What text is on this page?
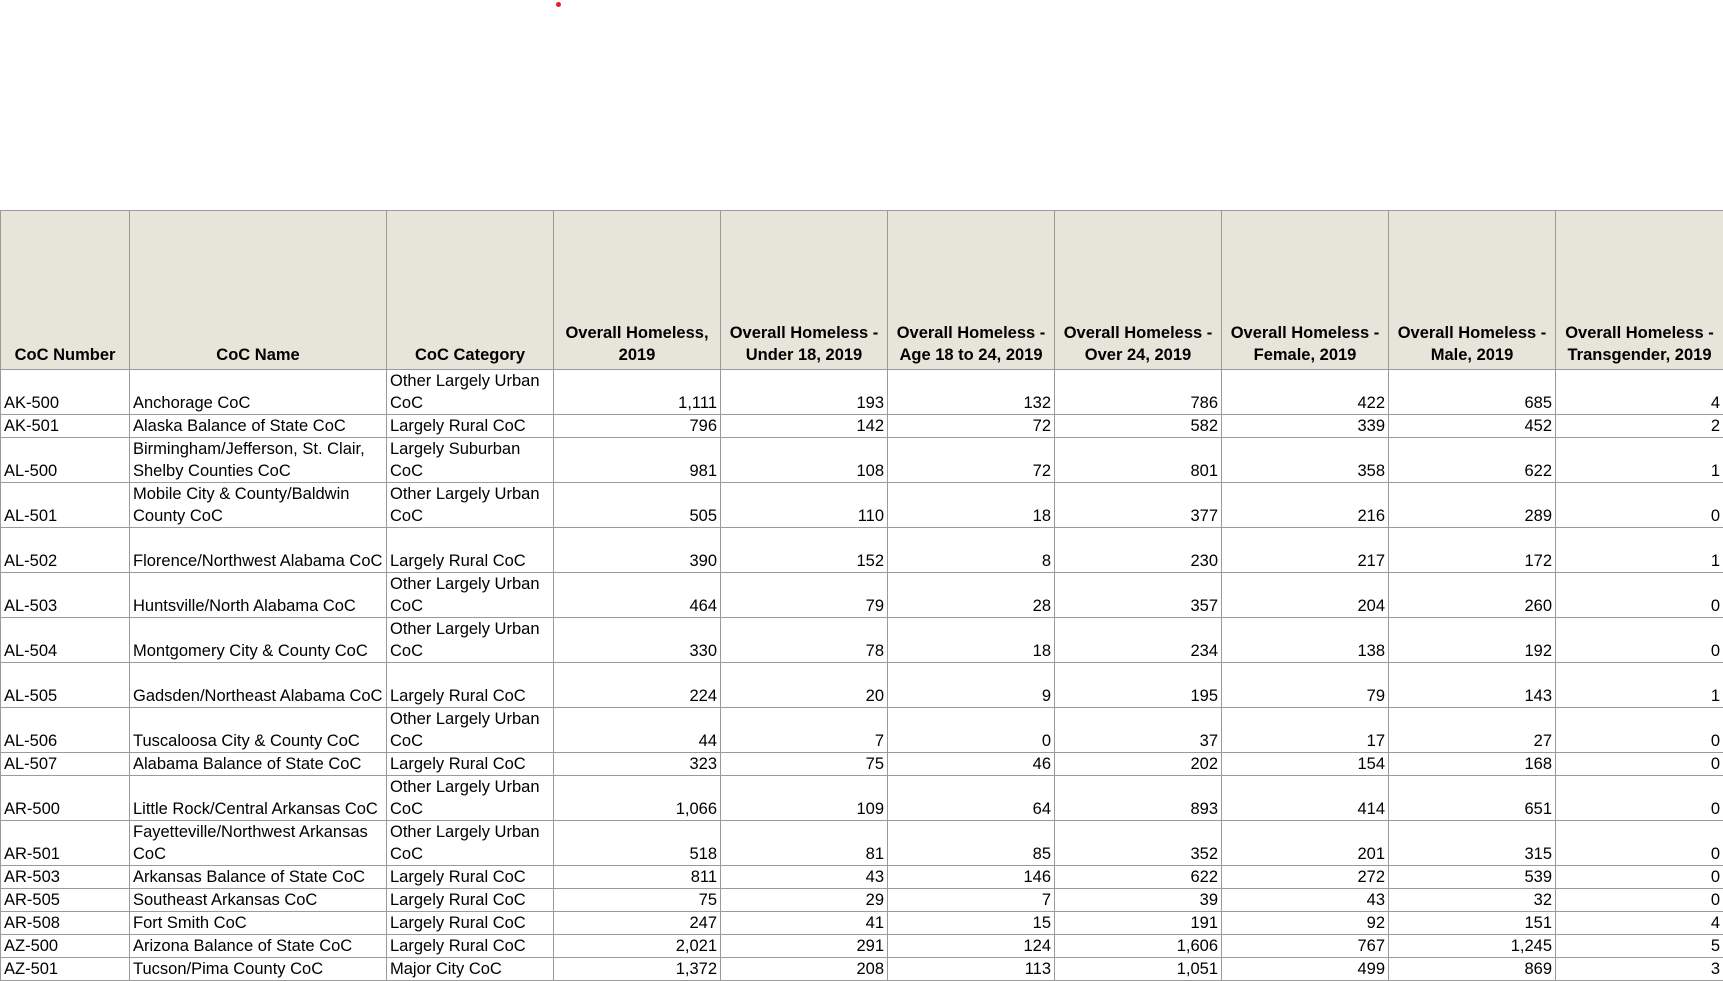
CoC Number	CoC Name	CoC Category	Overall Homeless, 2019	Overall Homeless - Under 18, 2019	Overall Homeless - Age 18 to 24, 2019	Overall Homeless - Over 24, 2019	Overall Homeless - Female, 2019	Overall Homeless - Male, 2019	Overall Homeless - Transgender, 2019
AK-500	Anchorage CoC	Other Largely Urban CoC	1,111	193	132	786	422	685	4
AK-501	Alaska Balance of State CoC	Largely Rural CoC	796	142	72	582	339	452	2
AL-500	Birmingham/Jefferson, St. Clair, Shelby Counties CoC	Largely Suburban CoC	981	108	72	801	358	622	1
AL-501	Mobile City & County/Baldwin County CoC	Other Largely Urban CoC	505	110	18	377	216	289	0
AL-502	Florence/Northwest Alabama CoC	Largely Rural CoC	390	152	8	230	217	172	1
AL-503	Huntsville/North Alabama CoC	Other Largely Urban CoC	464	79	28	357	204	260	0
AL-504	Montgomery City & County CoC	Other Largely Urban CoC	330	78	18	234	138	192	0
AL-505	Gadsden/Northeast Alabama CoC	Largely Rural CoC	224	20	9	195	79	143	1
AL-506	Tuscaloosa City & County CoC	Other Largely Urban CoC	44	7	0	37	17	27	0
AL-507	Alabama Balance of State CoC	Largely Rural CoC	323	75	46	202	154	168	0
AR-500	Little Rock/Central Arkansas CoC	Other Largely Urban CoC	1,066	109	64	893	414	651	0
AR-501	Fayetteville/Northwest Arkansas CoC	Other Largely Urban CoC	518	81	85	352	201	315	0
AR-503	Arkansas Balance of State CoC	Largely Rural CoC	811	43	146	622	272	539	0
AR-505	Southeast Arkansas CoC	Largely Rural CoC	75	29	7	39	43	32	0
AR-508	Fort Smith CoC	Largely Rural CoC	247	41	15	191	92	151	4
AZ-500	Arizona Balance of State CoC	Largely Rural CoC	2,021	291	124	1,606	767	1,245	5
AZ-501	Tucson/Pima County CoC	Major City CoC	1,372	208	113	1,051	499	869	3
